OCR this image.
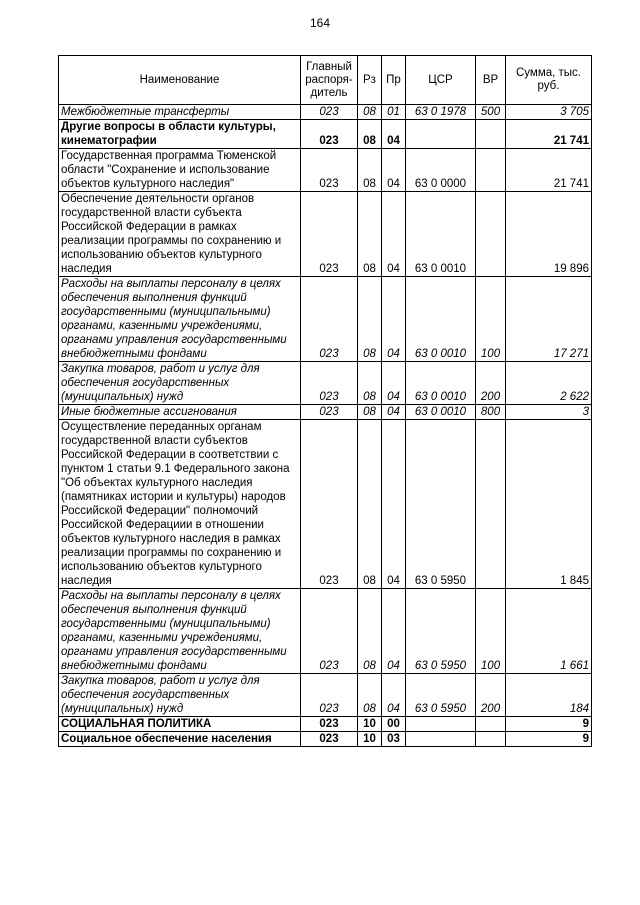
164
Наименование	Главный распоря-дитель	Рз	Пр	ЦСР	ВР	Сумма, тыс. руб.
Межбюджетные трансферты	023	08	01	63 0 1978	500	3 705
Другие вопросы в области культуры, кинематографии	023	08	04			21 741
Государственная программа Тюменской области "Сохранение и использование объектов культурного наследия"	023	08	04	63 0 0000		21 741
Обеспечение деятельности органов государственной власти субъекта Российской Федерации в рамках реализации программы по сохранению и использованию объектов культурного наследия	023	08	04	63 0 0010		19 896
Расходы на выплаты персоналу в целях обеспечения выполнения функций государственными (муниципальными) органами, казенными учреждениями, органами управления государственными внебюджетными фондами	023	08	04	63 0 0010	100	17 271
Закупка товаров, работ и услуг для обеспечения государственных (муниципальных) нужд	023	08	04	63 0 0010	200	2 622
Иные бюджетные ассигнования	023	08	04	63 0 0010	800	3
Осуществление переданных органам государственной власти субъектов Российской Федерации в соответствии с пунктом 1 статьи 9.1 Федерального закона "Об объектах культурного наследия (памятниках истории и культуры) народов Российской Федерации" полномочий Российской Федерациии в отношении объектов культурного наследия в рамках реализации программы по сохранению и использованию объектов культурного наследия	023	08	04	63 0 5950		1 845
Расходы на выплаты персоналу в целях обеспечения выполнения функций государственными (муниципальными) органами, казенными учреждениями, органами управления государственными внебюджетными фондами	023	08	04	63 0 5950	100	1 661
Закупка товаров, работ и услуг для обеспечения государственных (муниципальных) нужд	023	08	04	63 0 5950	200	184
СОЦИАЛЬНАЯ ПОЛИТИКА	023	10	00			9
Социальное обеспечение населения	023	10	03			9
